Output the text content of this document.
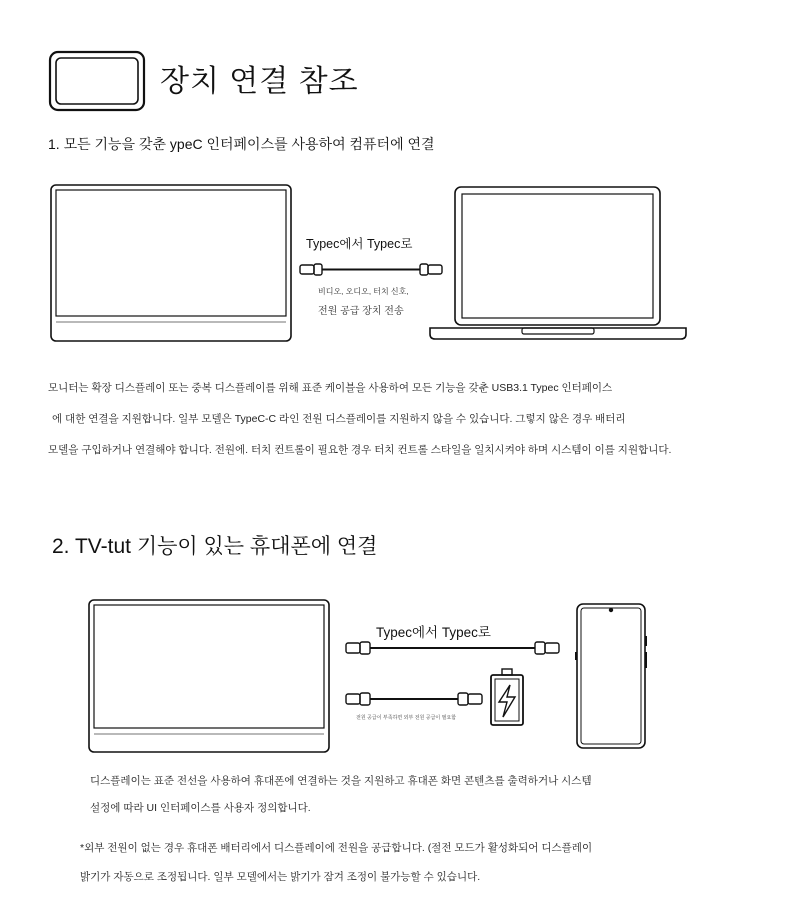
장치 연결 참조
1. 모든 기능을 갖춘 ypeC 인터페이스를 사용하여 컴퓨터에 연결
Typec에서 Typec로
비디오, 오디오, 터치 신호,
전원 공급 장치 전송
모니터는 확장 디스플레이 또는 중복 디스플레이를 위해 표준 케이블을 사용하여 모든 기능을 갖춘 USB3.1 Typec 인터페이스
에 대한 연결을 지원합니다. 일부 모델은 TypeC-C 라인 전원 디스플레이를 지원하지 않을 수 있습니다. 그렇지 않은 경우 배터리
모델을 구입하거나 연결해야 합니다. 전원에. 터치 컨트롤이 필요한 경우 터치 컨트롤 스타일을 일치시켜야 하며 시스템이 이를 지원합니다.
2. TV-tut 기능이 있는 휴대폰에 연결
Typec에서 Typec로
전원 공급이 부족하면 외부 전원 공급이 필요함
디스플레이는 표준 전선을 사용하여 휴대폰에 연결하는 것을 지원하고 휴대폰 화면 콘텐츠를 출력하거나 시스템
설정에 따라 UI 인터페이스를 사용자 정의합니다.
*외부 전원이 없는 경우 휴대폰 배터리에서 디스플레이에 전원을 공급합니다. (절전 모드가 활성화되어 디스플레이
밝기가 자동으로 조정됩니다. 일부 모델에서는 밝기가 잠겨 조정이 불가능할 수 있습니다.
